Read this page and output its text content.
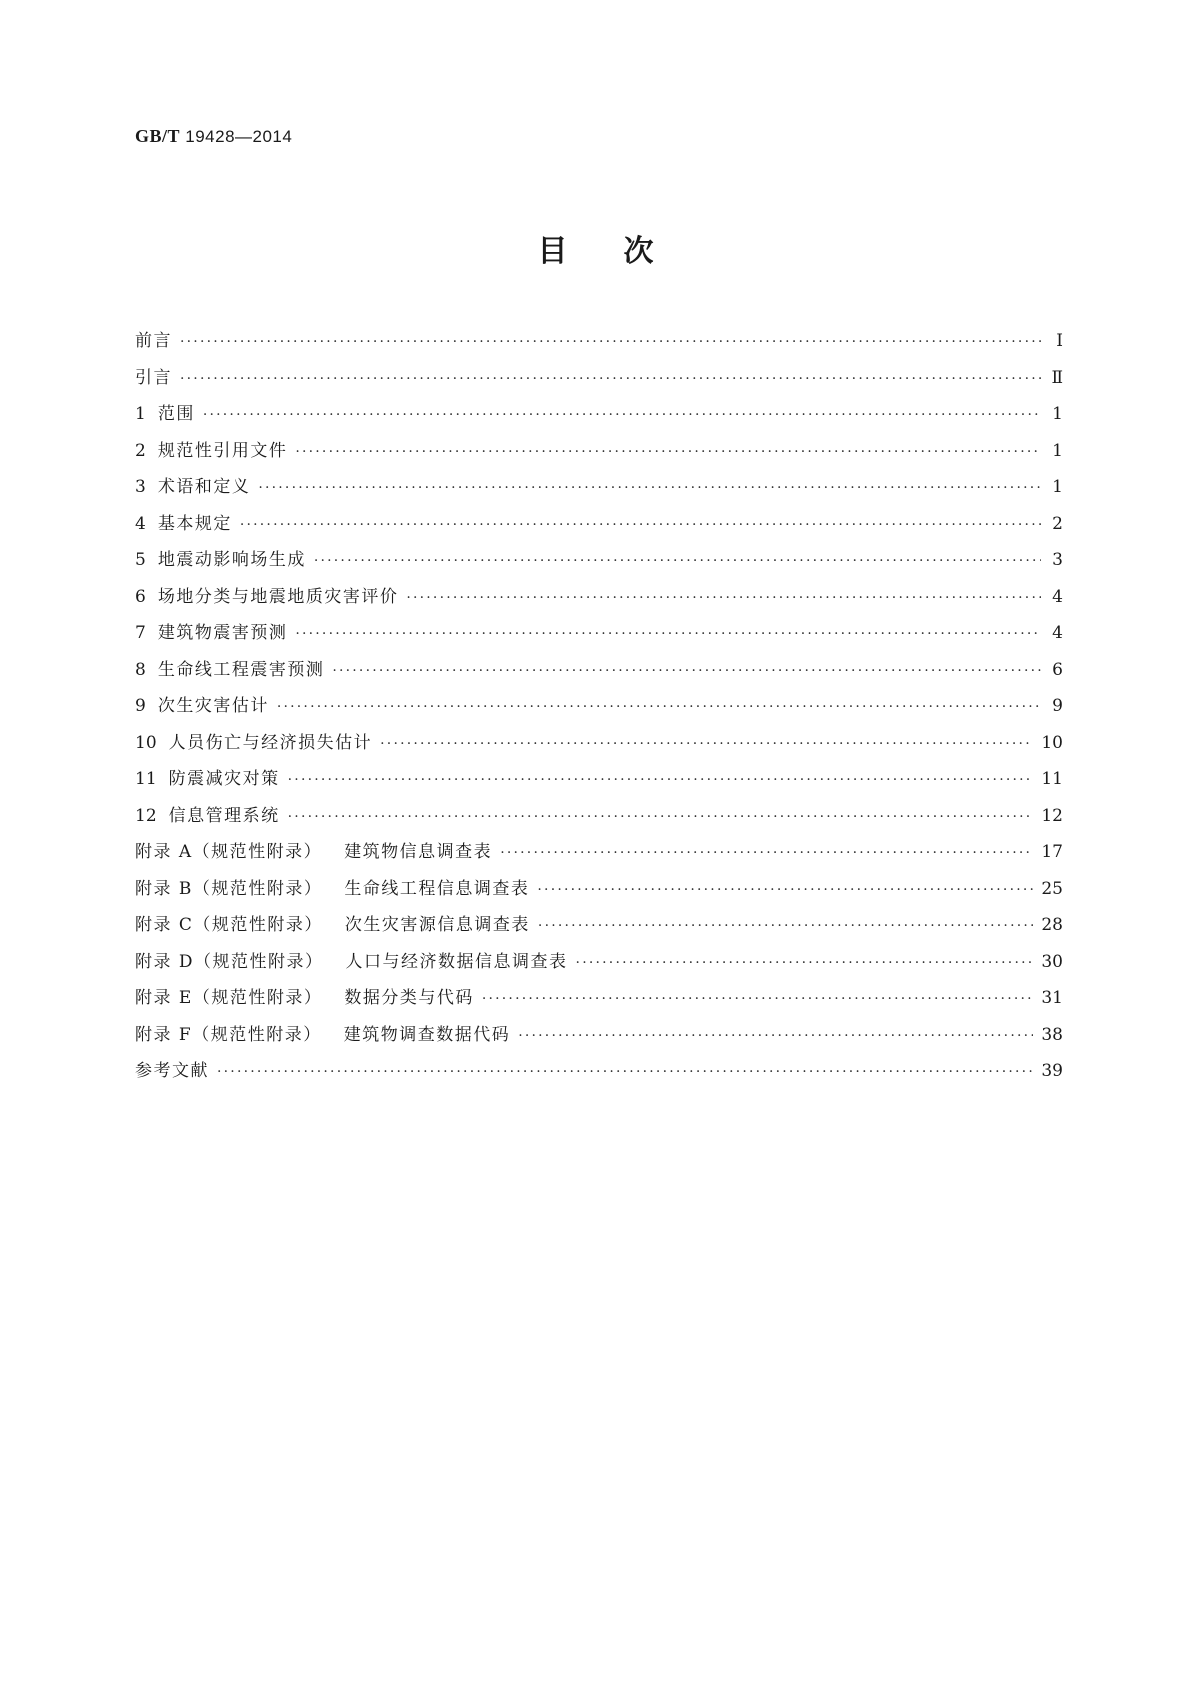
GB/T 19428—2014
目次
前言 ·····	Ⅰ
引言 ·····	Ⅱ
1 范围 ·····	1
2 规范性引用文件 ·····	1
3 术语和定义 ·····	1
4 基本规定 ·····	2
5 地震动影响场生成 ·····	3
6 场地分类与地震地质灾害评价 ·····	4
7 建筑物震害预测 ·····	4
8 生命线工程震害预测 ·····	6
9 次生灾害估计 ·····	9
10 人员伤亡与经济损失估计 ·····	10
11 防震减灾对策 ·····	11
12 信息管理系统 ·····	12
附录 A（规范性附录） 建筑物信息调查表 ·····	17
附录 B（规范性附录） 生命线工程信息调查表 ·····	25
附录 C（规范性附录） 次生灾害源信息调查表 ·····	28
附录 D（规范性附录） 人口与经济数据信息调查表 ·····	30
附录 E（规范性附录） 数据分类与代码 ·····	31
附录 F（规范性附录） 建筑物调查数据代码 ·····	38
参考文献 ·····	39
